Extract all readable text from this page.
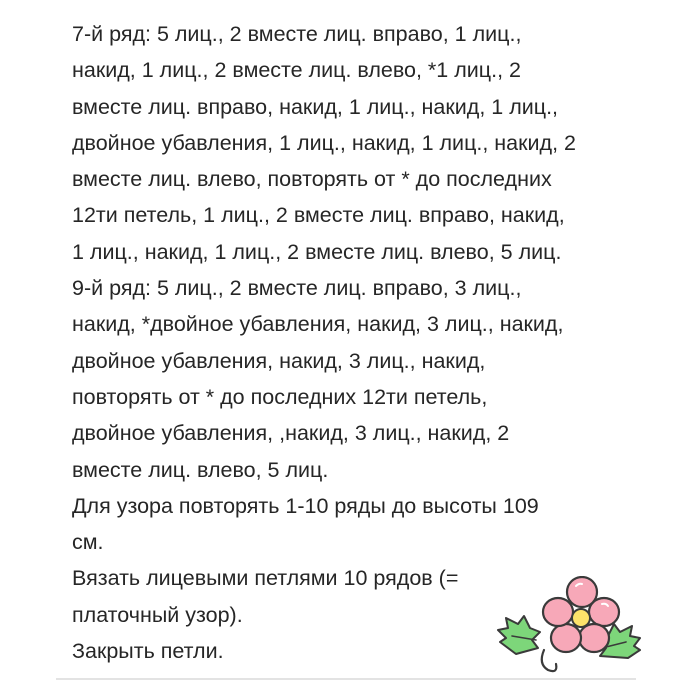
7-й ряд: 5 лиц., 2 вместе лиц. вправо, 1 лиц.,
накид, 1 лиц., 2 вместе лиц. влево, *1 лиц., 2
вместе лиц. вправо, накид, 1 лиц., накид, 1 лиц.,
двойное убавления, 1 лиц., накид, 1 лиц., накид, 2
вместе лиц. влево, повторять от * до последних
12ти петель, 1 лиц., 2 вместе лиц. вправо, накид,
1 лиц., накид, 1 лиц., 2 вместе лиц. влево, 5 лиц.
9-й ряд: 5 лиц., 2 вместе лиц. вправо, 3 лиц.,
накид, *двойное убавления, накид, 3 лиц., накид,
двойное убавления, накид, 3 лиц., накид,
повторять от * до последних 12ти петель,
двойное убавления, ,накид, 3 лиц., накид, 2
вместе лиц. влево, 5 лиц.
Для узора повторять 1-10 ряды до высоты 109
см.
Вязать лицевыми петлями 10 рядов (=
платочный узор).
Закрыть петли.
